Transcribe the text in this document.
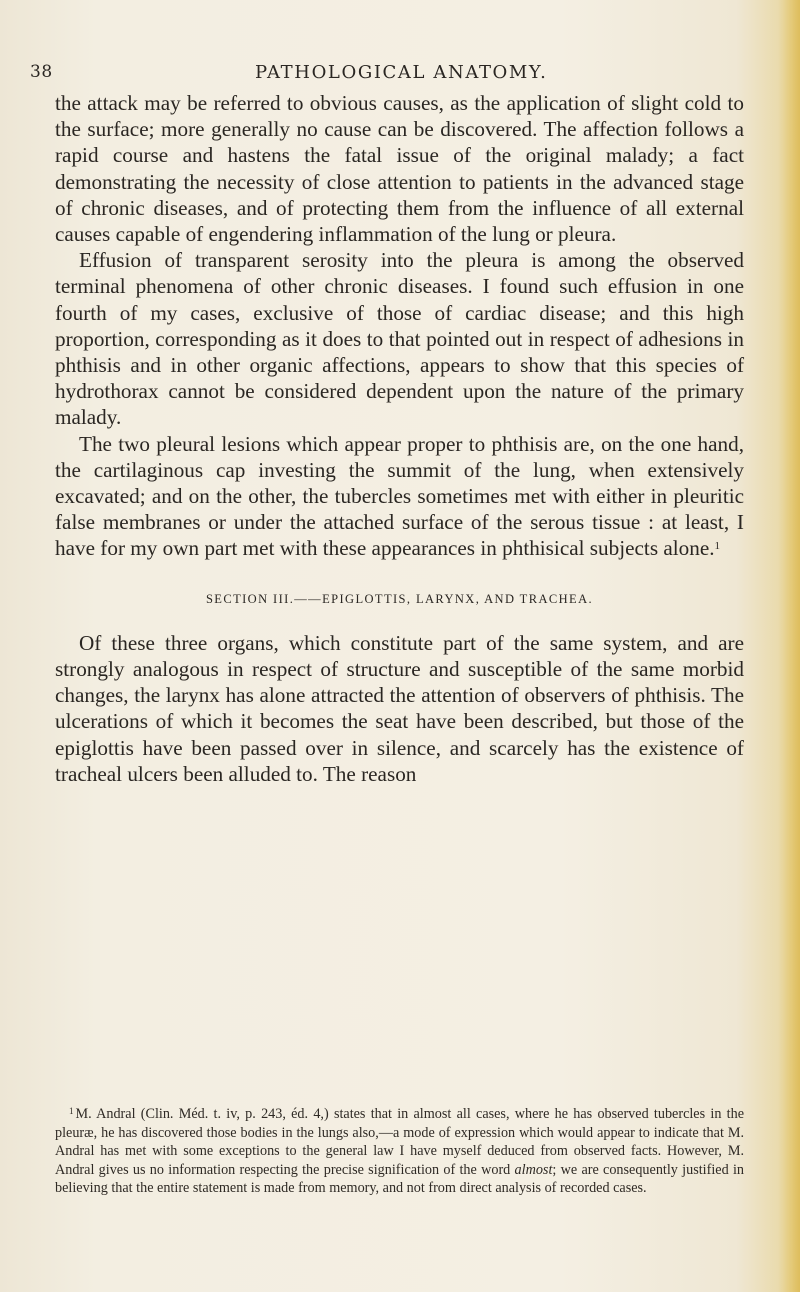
38	PATHOLOGICAL ANATOMY.

the attack may be referred to obvious causes, as the application of slight cold to the surface; more generally no cause can be discovered. The affection follows a rapid course and hastens the fatal issue of the original malady; a fact demonstrating the necessity of close attention to patients in the advanced stage of chronic diseases, and of protecting them from the influence of all external causes capable of engendering inflammation of the lung or pleura.

Effusion of transparent serosity into the pleura is among the observed terminal phenomena of other chronic diseases. I found such effusion in one fourth of my cases, exclusive of those of cardiac disease; and this high proportion, corresponding as it does to that pointed out in respect of adhesions in phthisis and in other organic affections, appears to show that this species of hydrothorax cannot be considered dependent upon the nature of the primary malady.

The two pleural lesions which appear proper to phthisis are, on the one hand, the cartilaginous cap investing the summit of the lung, when extensively excavated; and on the other, the tubercles sometimes met with either in pleuritic false membranes or under the attached surface of the serous tissue : at least, I have for my own part met with these appearances in phthisical subjects alone.$^1$

SECTION III.——EPIGLOTTIS, LARYNX, AND TRACHEA.

Of these three organs, which constitute part of the same system, and are strongly analogous in respect of structure and susceptible of the same morbid changes, the larynx has alone attracted the attention of observers of phthisis. The ulcerations of which it becomes the seat have been described, but those of the epiglottis have been passed over in silence, and scarcely has the existence of tracheal ulcers been alluded to. The reason

$^1$ M. Andral (Clin. Méd. t. iv, p. 243, éd. 4,) states that in almost all cases, where he has observed tubercles in the pleuræ, he has discovered those bodies in the lungs also,—a mode of expression which would appear to indicate that M. Andral has met with some exceptions to the general law I have myself deduced from observed facts. However, M. Andral gives us no information respecting the precise signification of the word almost; we are consequently justified in believing that the entire statement is made from memory, and not from direct analysis of recorded cases.
